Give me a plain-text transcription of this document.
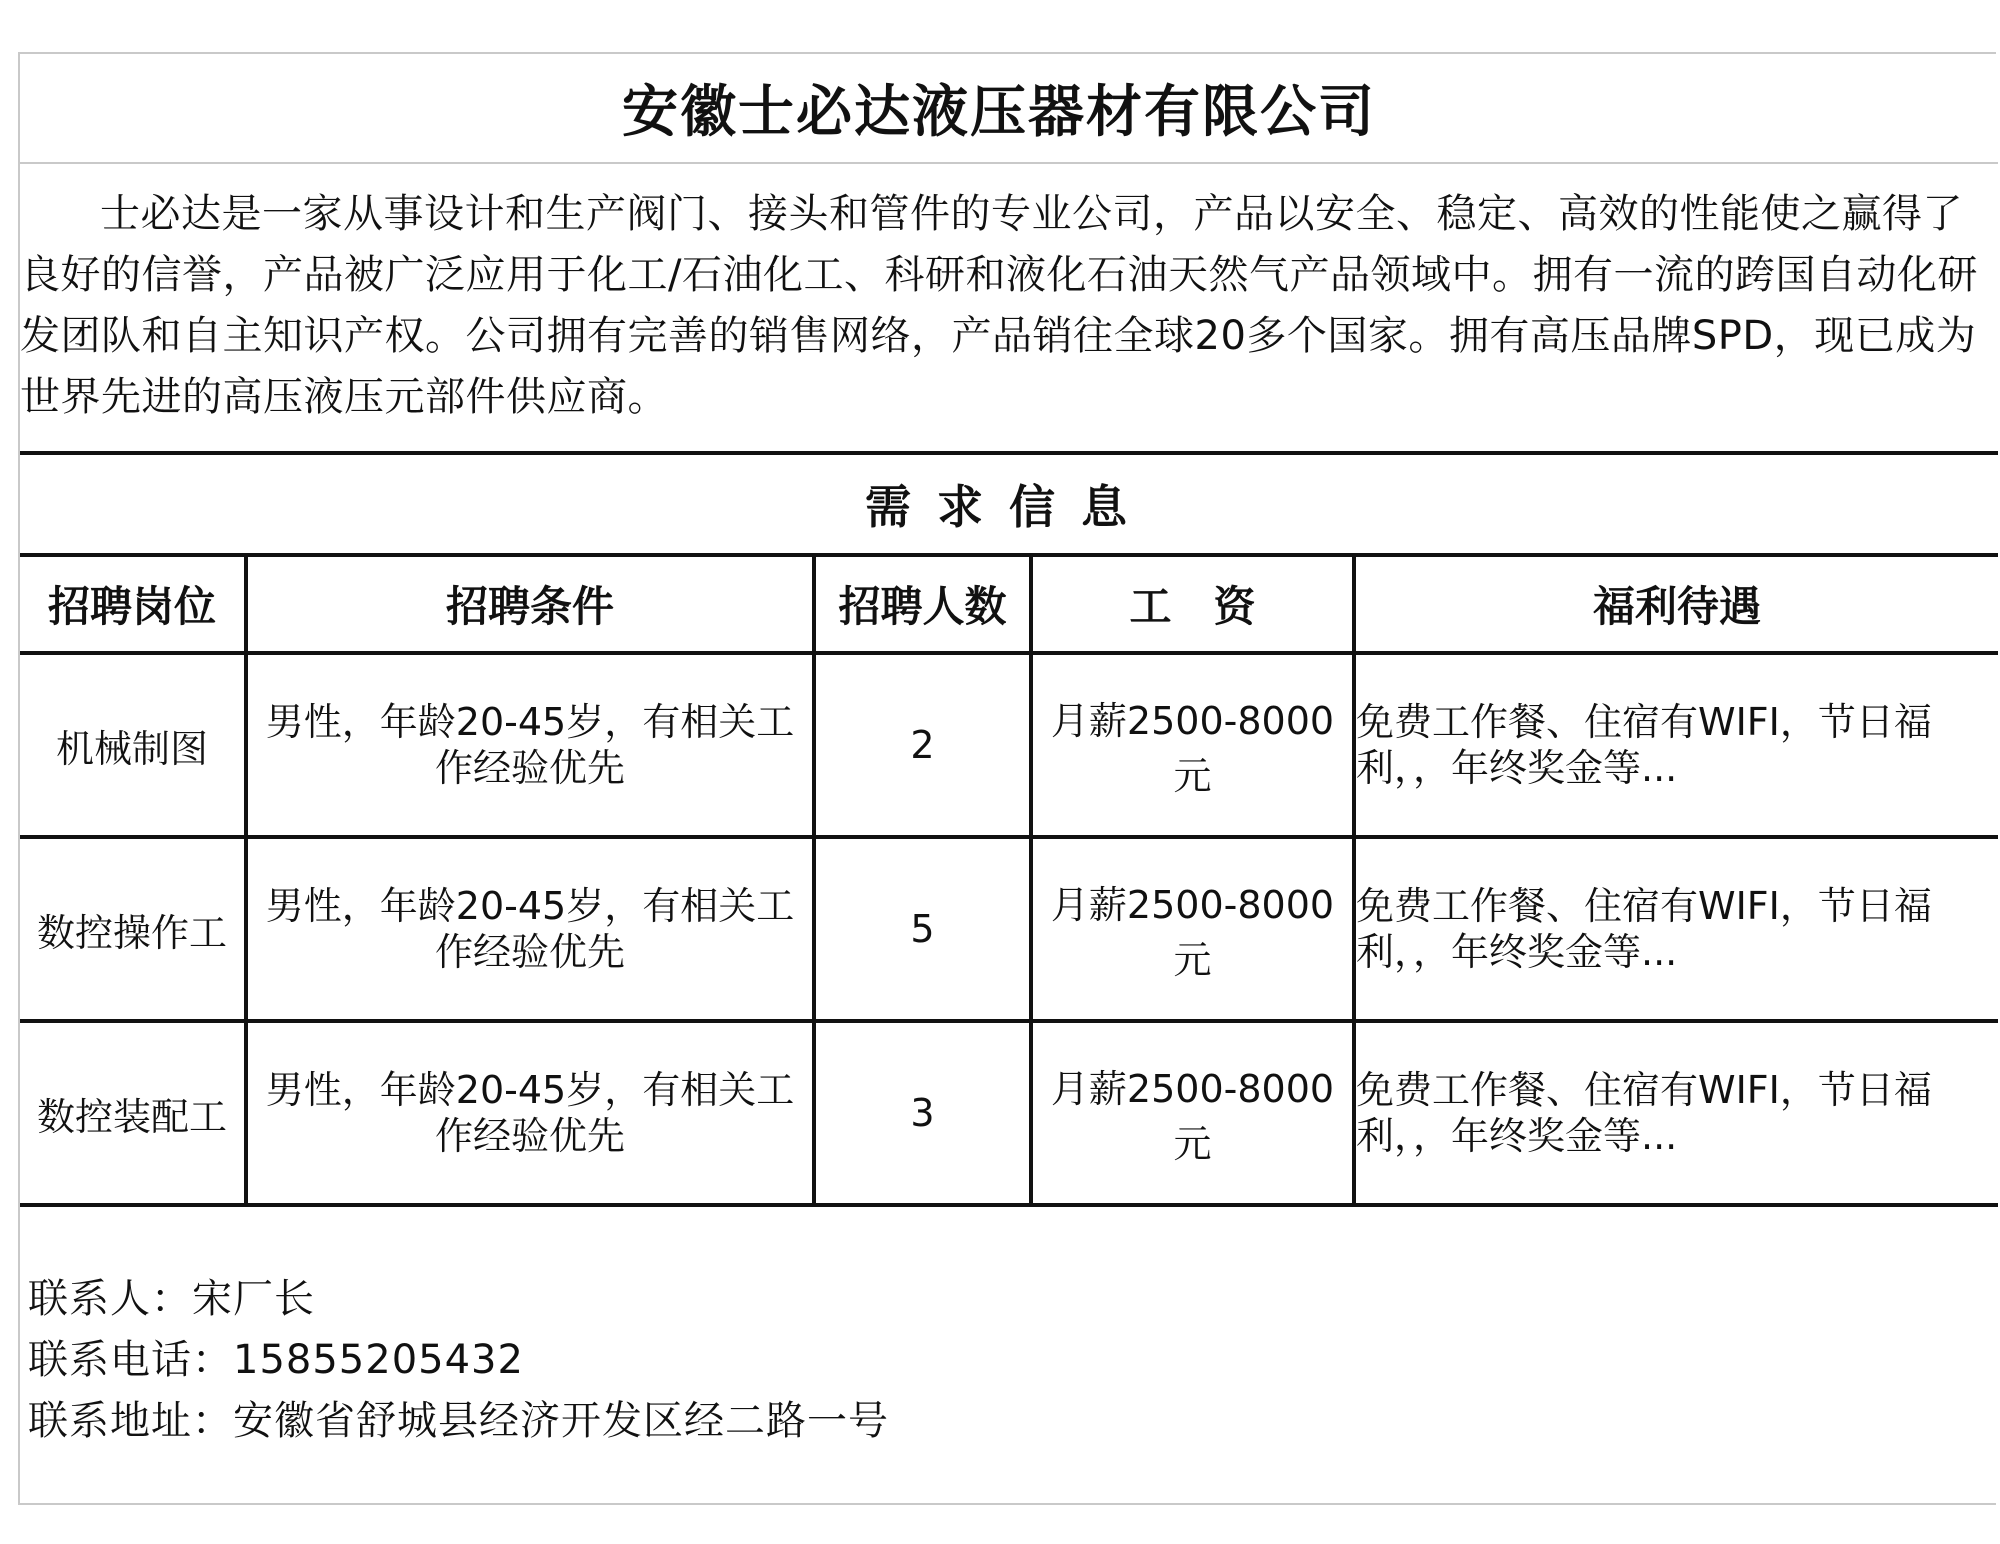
安徽士必达液压器材有限公司

士必达是一家从事设计和生产阀门、接头和管件的专业公司，产品以安全、稳定、高效的性能使之赢得了良好的信誉，产品被广泛应用于化工/石油化工、科研和液化石油天然气产品领域中。拥有一流的跨国自动化研发团队和自主知识产权。公司拥有完善的销售网络，产品销往全球20多个国家。拥有高压品牌SPD，现已成为世界先进的高压液压元部件供应商。

需求信息
招聘岗位	招聘条件	招聘人数	工　资	福利待遇
机械制图	男性，年龄20-45岁，有相关工作经验优先	2	月薪2500-8000元	免费工作餐、住宿有WIFI，节日福利，，年终奖金等...
数控操作工	男性，年龄20-45岁，有相关工作经验优先	5	月薪2500-8000元	免费工作餐、住宿有WIFI，节日福利，，年终奖金等...
数控装配工	男性，年龄20-45岁，有相关工作经验优先	3	月薪2500-8000元	免费工作餐、住宿有WIFI，节日福利，，年终奖金等...
联系人：宋厂长
联系电话：15855205432
联系地址：安徽省舒城县经济开发区经二路一号
